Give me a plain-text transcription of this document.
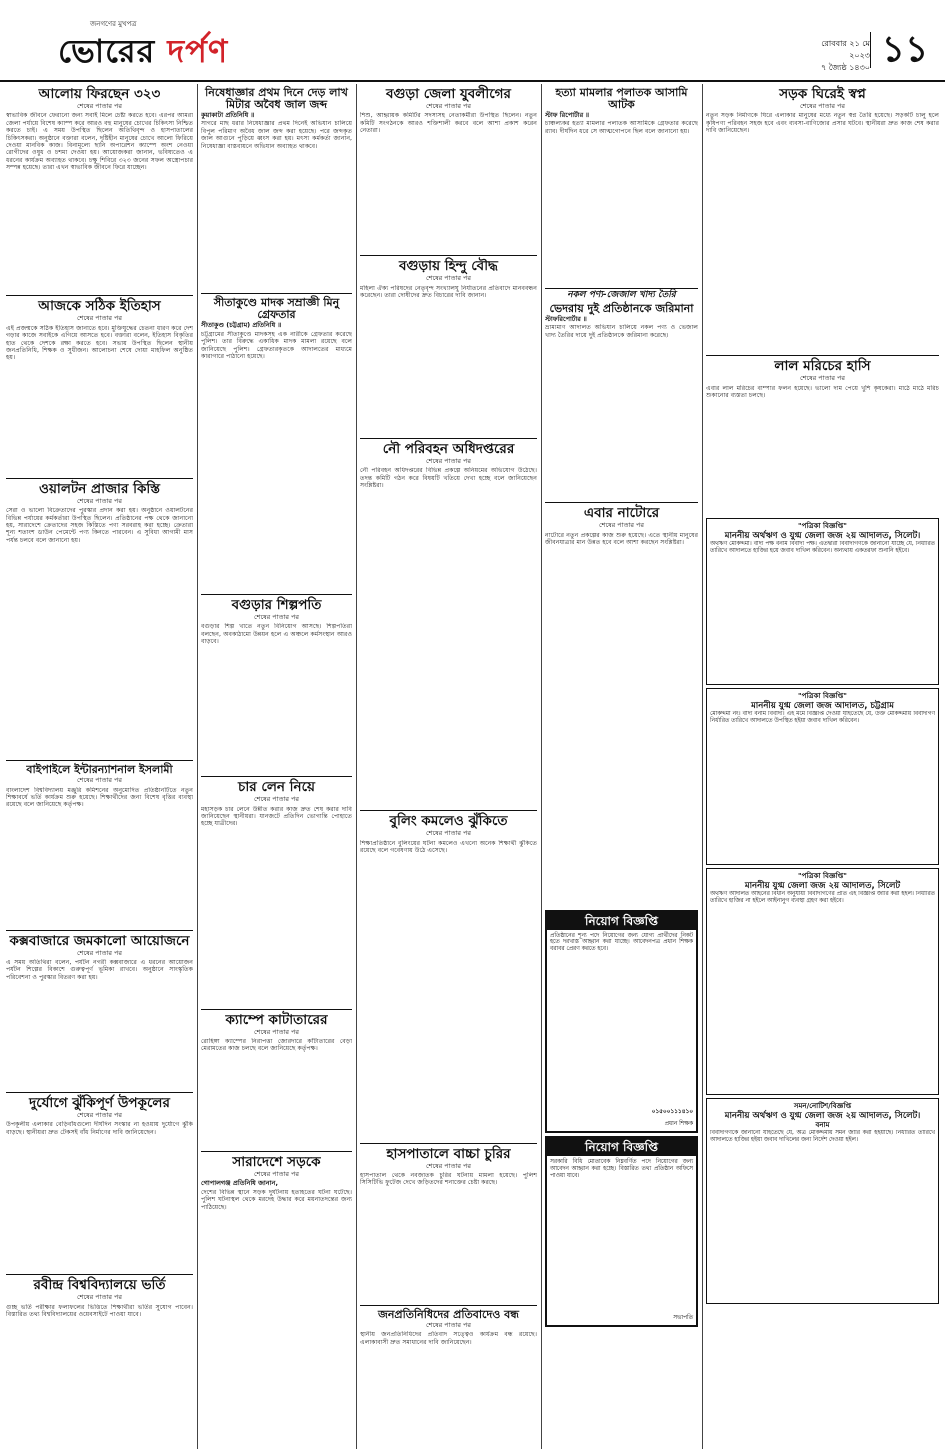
জনগণের মুখপত্র
ভোরের দর্পণ	রোববার ২১ মে ২০২৩
৭ জ্যৈষ্ঠ ১৪৩০ ১১
আলোয় ফিরছেন ৩২৩
শেষের পাতার পর

স্বাভাবিক জীবনে ফেরানো জন্য সবাই মিলে চেষ্টা করতে হবে। এরপর আমরা জেলা পর্যায়ে বিশেষ ক্যাম্প করে আরও বহু মানুষের চোখের চিকিৎসা নিশ্চিত করতে চাই। এ সময় উপস্থিত ছিলেন অতিথিবৃন্দ ও হাসপাতালের চিকিৎসকরা। অনুষ্ঠানে বক্তারা বলেন, দৃষ্টিহীন মানুষের চোখে আলো ফিরিয়ে দেওয়া মানবিক কাজ। বিনামূল্যে ছানি অপারেশন ক্যাম্পে অংশ নেওয়া রোগীদের ওষুধ ও চশমা দেওয়া হয়। আয়োজকরা জানান, ভবিষ্যতেও এ ধরনের কার্যক্রম অব্যাহত থাকবে। চক্ষু শিবিরে ৩২৩ জনের সফল অস্ত্রোপচার সম্পন্ন হয়েছে। তারা এখন স্বাভাবিক জীবনে ফিরে যাচ্ছেন।

আজকে সঠিক ইতিহাস
শেষের পাতার পর

এই প্রজন্মকে সঠিক ইতিহাস জানাতে হবে। মুক্তিযুদ্ধের চেতনা ধারণ করে দেশ গড়ার কাজে সবাইকে এগিয়ে আসতে হবে। বক্তারা বলেন, ইতিহাস বিকৃতির হাত থেকে দেশকে রক্ষা করতে হবে। সভায় উপস্থিত ছিলেন স্থানীয় জনপ্রতিনিধি, শিক্ষক ও সুধীজন। আলোচনা শেষে দোয়া মাহফিল অনুষ্ঠিত হয়।

ওয়ালটন প্রাজার কিস্তি
শেষের পাতার পর

সেরা ও ভালো বিক্রেতাদের পুরস্কার প্রদান করা হয়। অনুষ্ঠানে ওয়ালটনের বিভিন্ন পর্যায়ের কর্মকর্তারা উপস্থিত ছিলেন। প্রতিষ্ঠানের পক্ষ থেকে জানানো হয়, সারাদেশে ক্রেতাদের সহজ কিস্তিতে পণ্য সরবরাহ করা হচ্ছে। ক্রেতারা শূন্য শতাংশ ডাউন পেমেন্টে পণ্য কিনতে পারবেন। এ সুবিধা আগামী মাস পর্যন্ত চলবে বলে জানানো হয়।

বাইপাইলে ইন্টারন্যাশনাল ইসলামী
শেষের পাতার পর

বাংলাদেশ বিশ্ববিদ্যালয় মঞ্জুরি কমিশনের অনুমোদিত প্রতিষ্ঠানটিতে নতুন শিক্ষাবর্ষে ভর্তি কার্যক্রম শুরু হয়েছে। শিক্ষার্থীদের জন্য বিশেষ বৃত্তির ব্যবস্থা রয়েছে বলে জানিয়েছে কর্তৃপক্ষ।

কক্সবাজারে জমকালো আয়োজনে
শেষের পাতার পর

এ সময় অতিথিরা বলেন, পর্যটন নগরী কক্সবাজারে এ ধরনের আয়োজন পর্যটন শিল্পের বিকাশে গুরুত্বপূর্ণ ভূমিকা রাখবে। অনুষ্ঠানে সাংস্কৃতিক পরিবেশনা ও পুরস্কার বিতরণ করা হয়।

দুর্যোগে ঝুঁকিপূর্ণ উপকূলের
শেষের পাতার পর

উপকূলীয় এলাকার বেড়িবাঁধগুলো দীর্ঘদিন সংস্কার না হওয়ায় দুর্যোগে ঝুঁকি বাড়ছে। স্থানীয়রা দ্রুত টেকসই বাঁধ নির্মাণের দাবি জানিয়েছেন।

রবীন্দ্র বিশ্ববিদ্যালয়ে ভর্তি
শেষের পাতার পর

গুচ্ছ ভর্তি পরীক্ষার ফলাফলের ভিত্তিতে শিক্ষার্থীরা ভর্তির সুযোগ পাবেন। বিস্তারিত তথ্য বিশ্ববিদ্যালয়ের ওয়েবসাইটে পাওয়া যাবে।

নিষেধাজ্ঞার প্রথম দিনে দেড় লাখ মিটার অবৈধ জাল জব্দ
কুয়াকাটা প্রতিনিধি ॥

সাগরে মাছ ধরার নিষেধাজ্ঞার প্রথম দিনেই অভিযান চালিয়ে বিপুল পরিমাণ অবৈধ জাল জব্দ করা হয়েছে। পরে জব্দকৃত জাল আগুনে পুড়িয়ে ধ্বংস করা হয়। মৎস্য কর্মকর্তা জানান, নিষেধাজ্ঞা বাস্তবায়নে অভিযান অব্যাহত থাকবে।

সীতাকুণ্ডে মাদক সম্রাজ্ঞী মিনু গ্রেফতার
সীতাকুণ্ড (চট্টগ্রাম) প্রতিনিধি ॥

চট্টগ্রামের সীতাকুণ্ডে মাদকসহ এক নারীকে গ্রেফতার করেছে পুলিশ। তার বিরুদ্ধে একাধিক মাদক মামলা রয়েছে বলে জানিয়েছে পুলিশ। গ্রেফতারকৃতকে আদালতের মাধ্যমে কারাগারে পাঠানো হয়েছে।

বগুড়ার শিল্পপতি
শেষের পাতার পর

বগুড়ার শিল্প খাতে নতুন বিনিয়োগ আসছে। শিল্পপতিরা বলছেন, অবকাঠামো উন্নয়ন হলে এ অঞ্চলে কর্মসংস্থান আরও বাড়বে।

চার লেন নিয়ে
শেষের পাতার পর

মহাসড়ক চার লেনে উন্নীত করার কাজ দ্রুত শেষ করার দাবি জানিয়েছেন স্থানীয়রা। যানজটে প্রতিদিন ভোগান্তি পোহাতে হচ্ছে যাত্রীদের।

ক্যাম্পে কাটাতারের
শেষের পাতার পর

রোহিঙ্গা ক্যাম্পের নিরাপত্তা জোরদারে কাঁটাতারের বেড়া মেরামতের কাজ চলছে বলে জানিয়েছে কর্তৃপক্ষ।

সারাদেশে সড়কে
শেষের পাতার পর
গোপালগঞ্জ প্রতিনিধি জানান,

দেশের বিভিন্ন স্থানে সড়ক দুর্ঘটনায় হতাহতের ঘটনা ঘটেছে। পুলিশ ঘটনাস্থল থেকে মরদেহ উদ্ধার করে ময়নাতদন্তের জন্য পাঠিয়েছে।

বগুড়া জেলা যুবলীগের
শেষের পাতার পর

শিশু, আহ্বায়ক কমিটির সদস্যসহ নেতাকর্মীরা উপস্থিত ছিলেন। নতুন কমিটি সংগঠনকে আরও শক্তিশালী করবে বলে আশা প্রকাশ করেন নেতারা।

বগুড়ায় হিন্দু বৌদ্ধ
শেষের পাতার পর

মহিলা ঐক্য পরিষদের নেতৃবৃন্দ সংখ্যালঘু নির্যাতনের প্রতিবাদে মানববন্ধন করেছেন। তারা দোষীদের দ্রুত বিচারের দাবি জানান।

নৌ পরিবহন অধিদপ্তরের
শেষের পাতার পর

নৌ পরিবহন অধিদপ্তরের বিভিন্ন প্রকল্পে অনিয়মের অভিযোগ উঠেছে। তদন্ত কমিটি গঠন করে বিষয়টি খতিয়ে দেখা হচ্ছে বলে জানিয়েছেন সংশ্লিষ্টরা।

বুলিং কমলেও ঝুঁকিতে
শেষের পাতার পর

শিক্ষাপ্রতিষ্ঠানে বুলিংয়ের ঘটনা কমলেও এখনো অনেক শিক্ষার্থী ঝুঁকিতে রয়েছে বলে গবেষণায় উঠে এসেছে।

হাসপাতালে বাচ্চা চুরির
শেষের পাতার পর

হাসপাতাল থেকে নবজাতক চুরির ঘটনায় মামলা হয়েছে। পুলিশ সিসিটিভি ফুটেজ দেখে জড়িতদের শনাক্তের চেষ্টা করছে।

জনপ্রতিনিধিদের প্রতিবাদেও বন্ধ
শেষের পাতার পর

স্থানীয় জনপ্রতিনিধিদের প্রতিবাদ সত্ত্বেও কার্যক্রম বন্ধ রয়েছে। এলাকাবাসী দ্রুত সমাধানের দাবি জানিয়েছেন।

হত্যা মামলার পলাতক আসামি আটক
স্টাফ রিপোর্টার ॥

চাঞ্চল্যকর হত্যা মামলার পলাতক আসামিকে গ্রেফতার করেছে র‌্যাব। দীর্ঘদিন ধরে সে আত্মগোপনে ছিল বলে জানানো হয়।

নকল পণ্য-জেজাল খাদ্য তৈরি
ভেদরায় দুই প্রতিষ্ঠানকে জরিমানা
স্টাফরিপোর্টার ॥

ভ্রাম্যমাণ আদালত অভিযান চালিয়ে নকল পণ্য ও ভেজাল খাদ্য তৈরির দায়ে দুই প্রতিষ্ঠানকে জরিমানা করেছে।

এবার নাটোরে
শেষের পাতার পর

নাটোরে নতুন প্রকল্পের কাজ শুরু হয়েছে। এতে স্থানীয় মানুষের জীবনযাত্রার মান উন্নত হবে বলে আশা করছেন সংশ্লিষ্টরা।

নিয়োগ বিজ্ঞপ্তি
প্রতিষ্ঠানের শূন্য পদে নিয়োগের জন্য যোগ্য প্রার্থীদের নিকট হতে দরখাস্ত আহ্বান করা যাচ্ছে। আবেদনপত্র প্রধান শিক্ষক বরাবর প্রেরণ করতে হবে।
০১৫০০১১১৪১০
প্রধান শিক্ষক
নিয়োগ বিজ্ঞপ্তি
সরকারি বিধি মোতাবেক নিম্নবর্ণিত পদে নিয়োগের জন্য আবেদন আহ্বান করা হচ্ছে। বিস্তারিত তথ্য প্রতিষ্ঠান অফিসে পাওয়া যাবে।
সভাপতি
সড়ক ঘিরেই স্বপ্ন
শেষের পাতার পর

নতুন সড়ক নির্মাণকে ঘিরে এলাকার মানুষের মধ্যে নতুন স্বপ্ন তৈরি হয়েছে। সড়কটি চালু হলে কৃষিপণ্য পরিবহন সহজ হবে এবং ব্যবসা-বাণিজ্যের প্রসার ঘটবে। স্থানীয়রা দ্রুত কাজ শেষ করার দাবি জানিয়েছেন।

লাল মরিচের হাসি
শেষের পাতার পর

এবার লাল মরিচের বাম্পার ফলন হয়েছে। ভালো দাম পেয়ে খুশি কৃষকেরা। মাঠে মাঠে মরিচ শুকানোর ব্যস্ততা চলছে।

"পত্রিকা বিজ্ঞপ্তি"
মাননীয় অর্থঋণ ও যুগ্ম জেলা জজ ২য় আদালত, সিলেট।
অর্থঋণ মোকদ্দমা। বাদী পক্ষ বনাম বিবাদী পক্ষ। এতদ্বারা বিবাদীগণকে জানানো যাচ্ছে যে, নির্ধারিত তারিখে আদালতে হাজির হয়ে জবাব দাখিল করিবেন। অন্যথায় একতরফা শুনানি হইবে।
"পত্রিকা বিজ্ঞপ্তি"
মাননীয় যুগ্ম জেলা জজ আদালত, চট্টগ্রাম
মোকদ্দমা নং। বাদী বনাম বিবাদী। এই মর্মে বিজ্ঞপ্তি দেওয়া যাইতেছে যে, উক্ত মোকদ্দমায় বিবাদীগণ নির্ধারিত তারিখে আদালতে উপস্থিত হইয়া জবাব দাখিল করিবেন।
"পত্রিকা বিজ্ঞপ্তি"
মাননীয় যুগ্ম জেলা জজ ২য় আদালত, সিলেট
অর্থঋণ আদালত আইনের বিধান অনুযায়ী বিবাদীগণের প্রতি এই বিজ্ঞপ্তি জারি করা হইল। নির্ধারিত তারিখে হাজির না হইলে আইনানুগ ব্যবস্থা গ্রহণ করা হইবে।
সমন/নোটিশ/বিজ্ঞপ্তি
মাননীয় অর্থঋণ ও যুগ্ম জেলা জজ ২য় আদালত, সিলেট।
বনাম
বিবাদীগণকে জানানো যাইতেছে যে, অত্র মোকদ্দমায় সমন জারি করা হইয়াছে। নির্ধারিত তারিখে আদালতে হাজির হইয়া জবাব দাখিলের জন্য নির্দেশ দেওয়া হইল।
